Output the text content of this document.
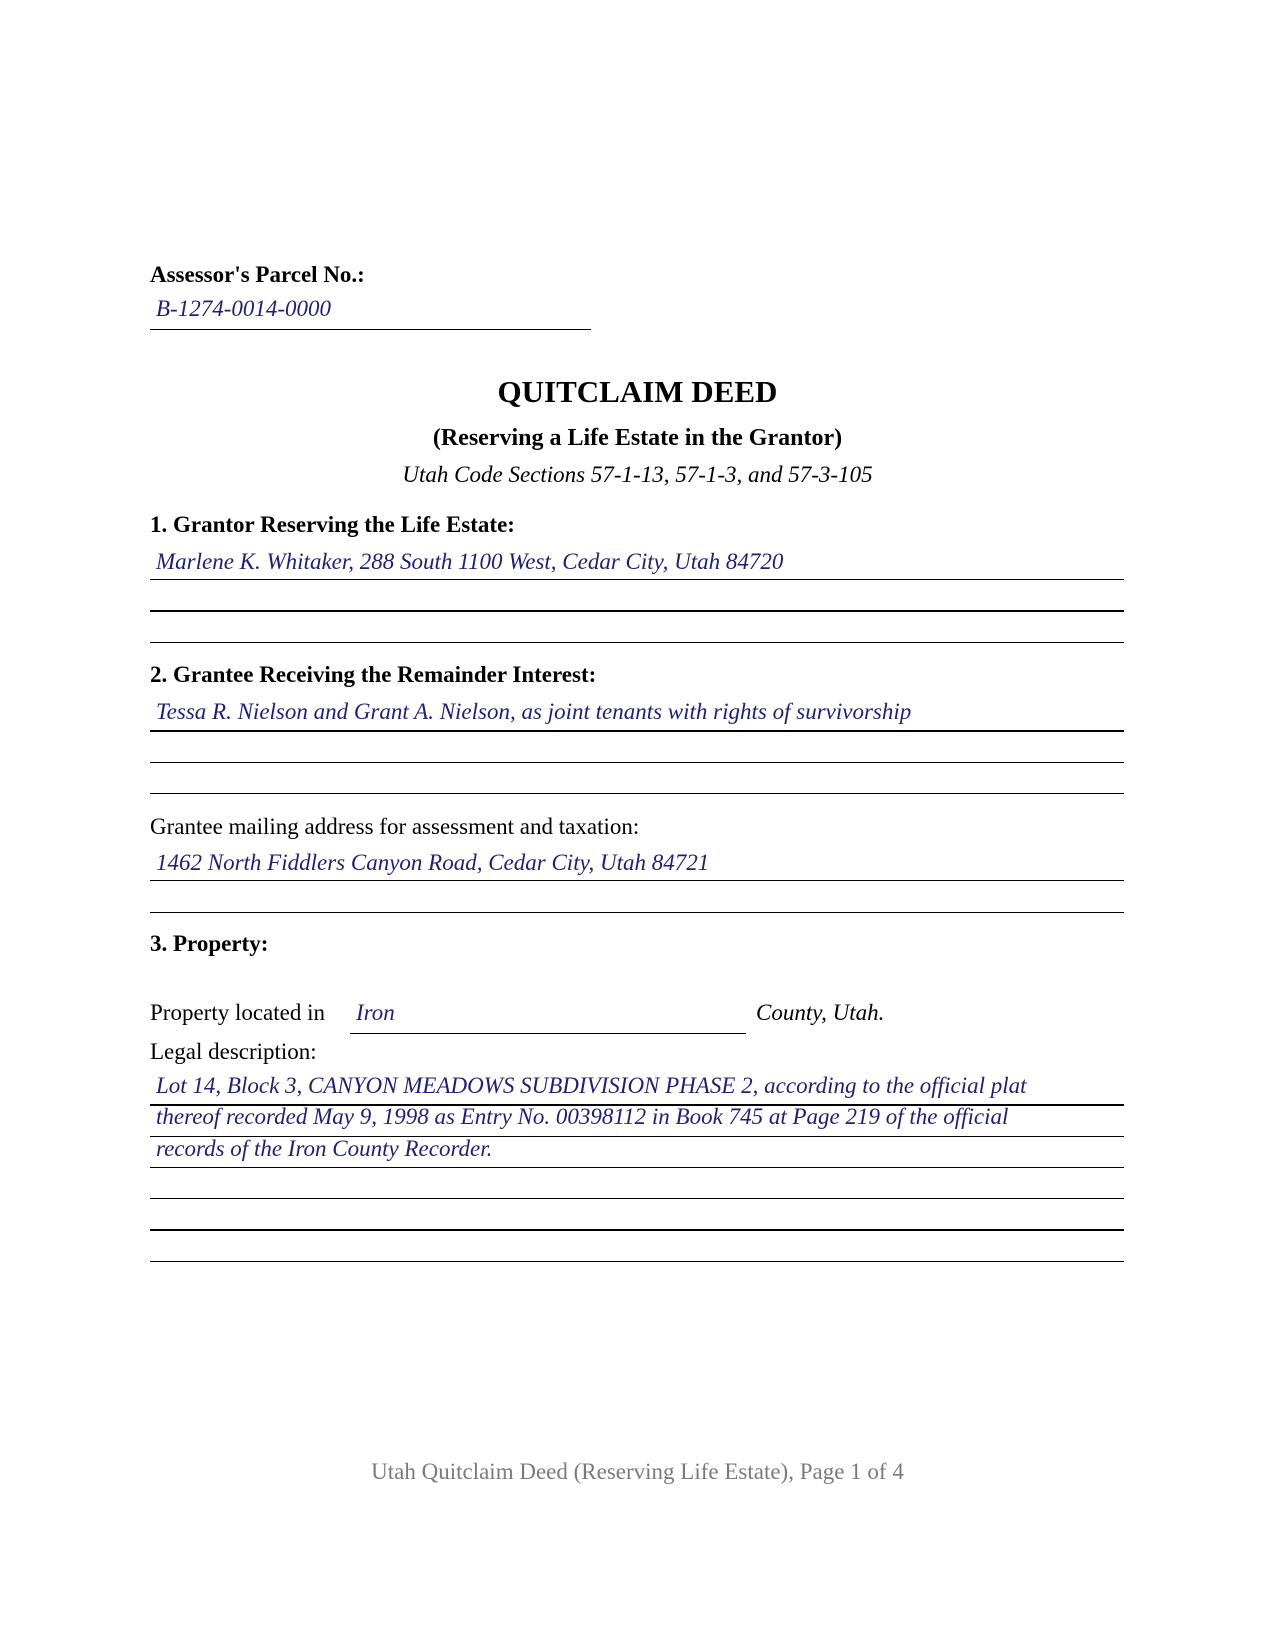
Assessor's Parcel No.:
B-1274-0014-0000
QUITCLAIM DEED
(Reserving a Life Estate in the Grantor)
Utah Code Sections 57-1-13, 57-1-3, and 57-3-105
1. Grantor Reserving the Life Estate:
Marlene K. Whitaker, 288 South 1100 West, Cedar City, Utah 84720
2. Grantee Receiving the Remainder Interest:
Tessa R. Nielson and Grant A. Nielson, as joint tenants with rights of survivorship
Grantee mailing address for assessment and taxation:
1462 North Fiddlers Canyon Road, Cedar City, Utah 84721
3. Property:
Property located in Iron	County, Utah.
Legal description:
Lot 14, Block 3, CANYON MEADOWS SUBDIVISION PHASE 2, according to the official plat
thereof recorded May 9, 1998 as Entry No. 00398112 in Book 745 at Page 219 of the official
records of the Iron County Recorder.
Utah Quitclaim Deed (Reserving Life Estate), Page 1 of 4
